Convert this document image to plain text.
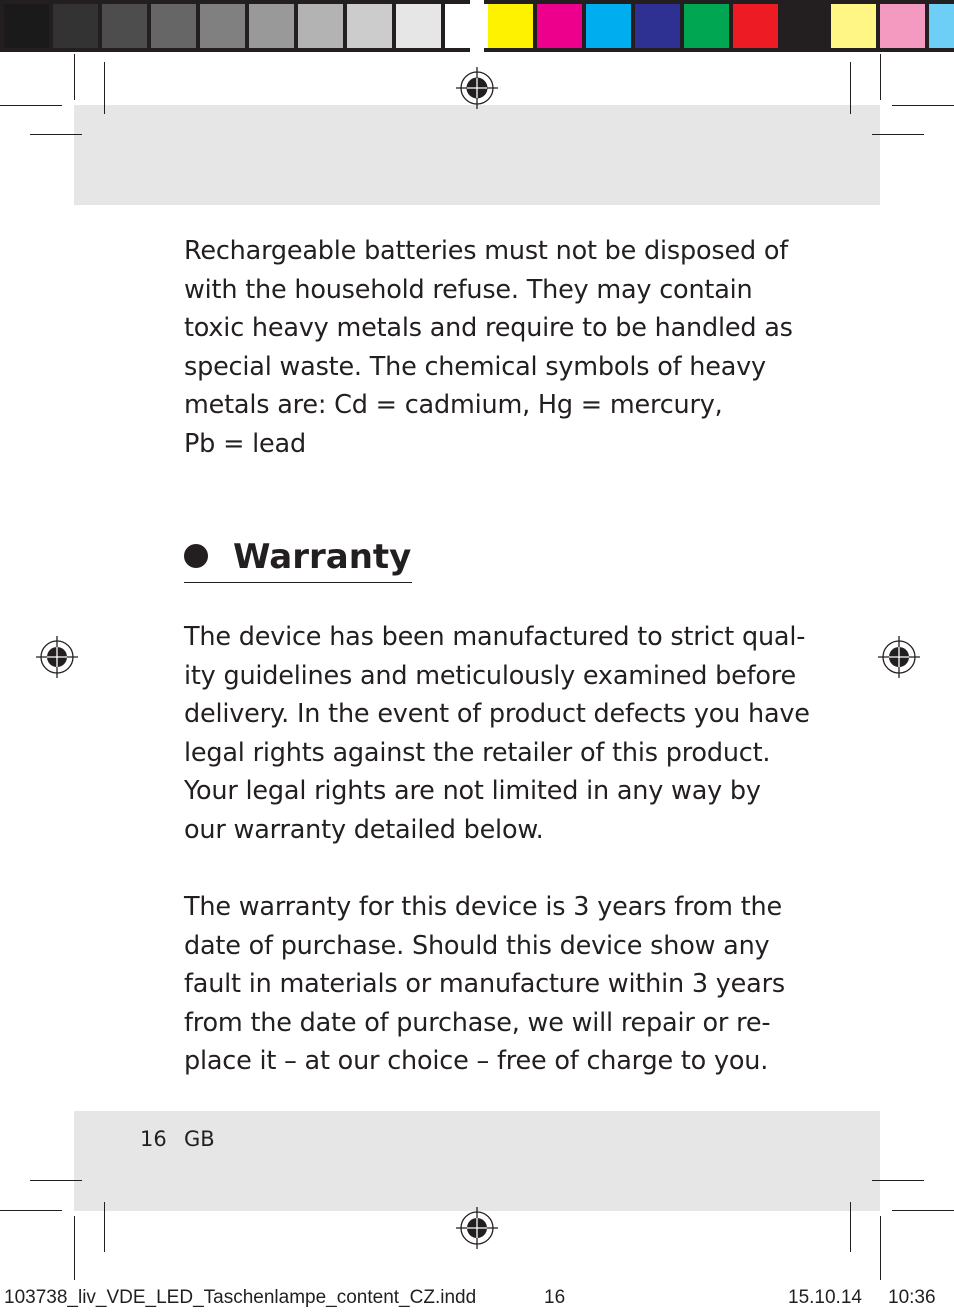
Rechargeable batteries must not be disposed of
with the household refuse. They may contain
toxic heavy metals and require to be handled as
special waste. The chemical symbols of heavy
metals are: Cd = cadmium, Hg = mercury,
Pb = lead

Warranty

The device has been manufactured to strict qual-
ity guidelines and meticulously examined before
delivery. In the event of product defects you have
legal rights against the retailer of this product.
Your legal rights are not limited in any way by
our warranty detailed below.

The warranty for this device is 3 years from the
date of purchase. Should this device show any
fault in materials or manufacture within 3 years
from the date of purchase, we will repair or re-
place it – at our choice – free of charge to you.

16 GB
103738_liv_VDE_LED_Taschenlampe_content_CZ.indd	16	15.10.14 10:36
